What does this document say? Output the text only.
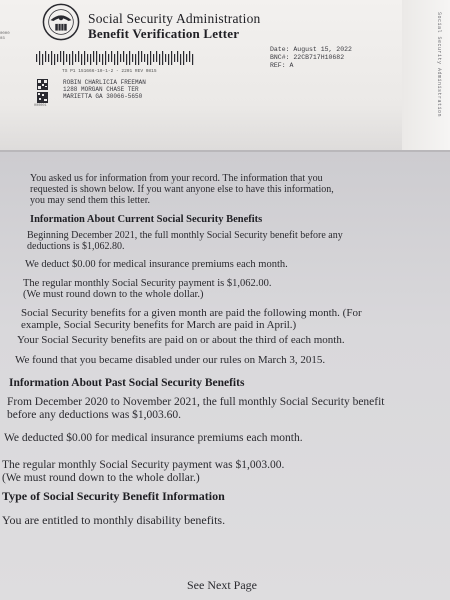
Social Security Administration
0000
03
Social Security Administration
Benefit Verification Letter
TS P1 151666-10-1-2 - 2201 REV 0815
Date: August 15, 2022
BNC#: 22CB717H10682
REF: A
000001
ROBIN CHARLICIA FREEMAN
1288 MORGAN CHASE TER
MARIETTA GA 30066-5650
You asked us for information from your record. The information that you
requested is shown below. If you want anyone else to have this information,
you may send them this letter.
Information About Current Social Security Benefits
Beginning December 2021, the full monthly Social Security benefit before any
deductions is $1,062.80.
We deduct $0.00 for medical insurance premiums each month.
The regular monthly Social Security payment is $1,062.00.
(We must round down to the whole dollar.)
Social Security benefits for a given month are paid the following month. (For
example, Social Security benefits for March are paid in April.)
Your Social Security benefits are paid on or about the third of each month.
We found that you became disabled under our rules on March 3, 2015.
Information About Past Social Security Benefits
From December 2020 to November 2021, the full monthly Social Security benefit
before any deductions was $1,003.60.
We deducted $0.00 for medical insurance premiums each month.
The regular monthly Social Security payment was $1,003.00.
(We must round down to the whole dollar.)
Type of Social Security Benefit Information
You are entitled to monthly disability benefits.
See Next Page
